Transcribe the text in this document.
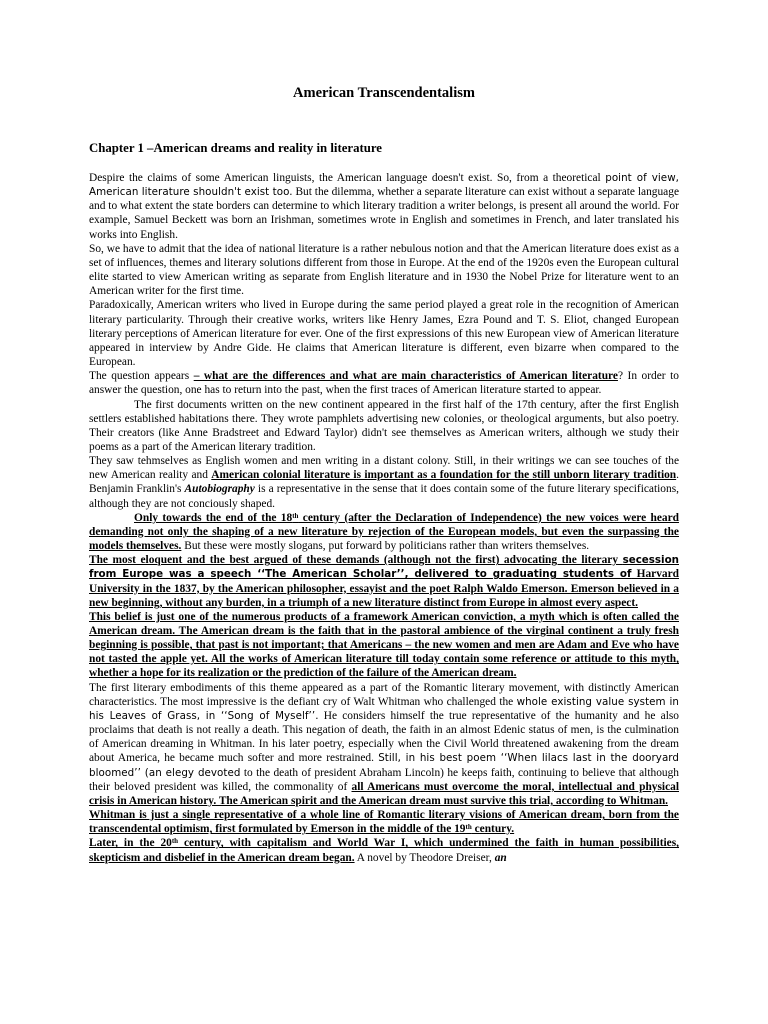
American Transcendentalism
Chapter 1 –American dreams and reality in literature

Despire the claims of some American linguists, the American language doesn't exist. So, from a theoretical point of view, American literature shouldn't exist too. But the dilemma, whether a separate literature can exist without a separate language and to what extent the state borders can determine to which literary tradition a writer belongs, is present all around the world. For example, Samuel Beckett was born an Irishman, sometimes wrote in English and sometimes in French, and later translated his works into English.

So, we have to admit that the idea of national literature is a rather nebulous notion and that the American literature does exist as a set of influences, themes and literary solutions different from those in Europe. At the end of the 1920s even the European cultural elite started to view American writing as separate from English literature and in 1930 the Nobel Prize for literature went to an American writer for the first time.

Paradoxically, American writers who lived in Europe during the same period played a great role in the recognition of American literary particularity. Through their creative works, writers like Henry James, Ezra Pound and T. S. Eliot, changed European literary perceptions of American literature for ever. One of the first expressions of this new European view of American literature appeared in interview by Andre Gide. He claims that American literature is different, even bizarre when compared to the European.

The question appears – what are the differences and what are main characteristics of American literature? In order to answer the question, one has to return into the past, when the first traces of American literature started to appear.

The first documents written on the new continent appeared in the first half of the 17th century, after the first English settlers established habitations there. They wrote pamphlets advertising new colonies, or theological arguments, but also poetry. Their creators (like Anne Bradstreet and Edward Taylor) didn't see themselves as American writers, although we study their poems as a part of the American literary tradition.

They saw tehmselves as English women and men writing in a distant colony. Still, in their writings we can see touches of the new American reality and American colonial literature is important as a foundation for the still unborn literary tradition. Benjamin Franklin's Autobiography is a representative in the sense that it does contain some of the future literary specifications, although they are not conciously shaped.

Only towards the end of the 18th century (after the Declaration of Independence) the new voices were heard demanding not only the shaping of a new literature by rejection of the European models, but even the surpassing the models themselves. But these were mostly slogans, put forward by politicians rather than writers themselves.

The most eloquent and the best argued of these demands (although not the first) advocating the literary secession from Europe was a speech ‘‘The American Scholar’’, delivered to graduating students of Harvard University in the 1837, by the American philosopher, essayist and the poet Ralph Waldo Emerson. Emerson believed in a new beginning, without any burden, in a triumph of a new literature distinct from Europe in almost every aspect.

This belief is just one of the numerous products of a framework American conviction, a myth which is often called the American dream. The American dream is the faith that in the pastoral ambience of the virginal continent a truly fresh beginning is possible, that past is not important; that Americans – the new women and men are Adam and Eve who have not tasted the apple yet. All the works of American literature till today contain some reference or attitude to this myth, whether a hope for its realization or the prediction of the failure of the American dream.

The first literary embodiments of this theme appeared as a part of the Romantic literary movement, with distinctly American characteristics. The most impressive is the defiant cry of Walt Whitman who challenged the whole existing value system in his Leaves of Grass, in ‘‘Song of Myself’’. He considers himself the true representative of the humanity and he also proclaims that death is not really a death. This negation of death, the faith in an almost Edenic status of men, is the culmination of American dreaming in Whitman. In his later poetry, especially when the Civil World threatened awakening from the dream about America, he became much softer and more restrained. Still, in his best poem ‘‘When lilacs last in the dooryard bloomed’’ (an elegy devoted to the death of president Abraham Lincoln) he keeps faith, continuing to believe that although their beloved president was killed, the commonality of all Americans must overcome the moral, intellectual and physical crisis in American history. The American spirit and the American dream must survive this trial, according to Whitman.

Whitman is just a single representative of a whole line of Romantic literary visions of American dream, born from the transcendental optimism, first formulated by Emerson in the middle of the 19th century.

Later, in the 20th century, with capitalism and World War I, which undermined the faith in human possibilities, skepticism and disbelief in the American dream began. A novel by Theodore Dreiser, an
